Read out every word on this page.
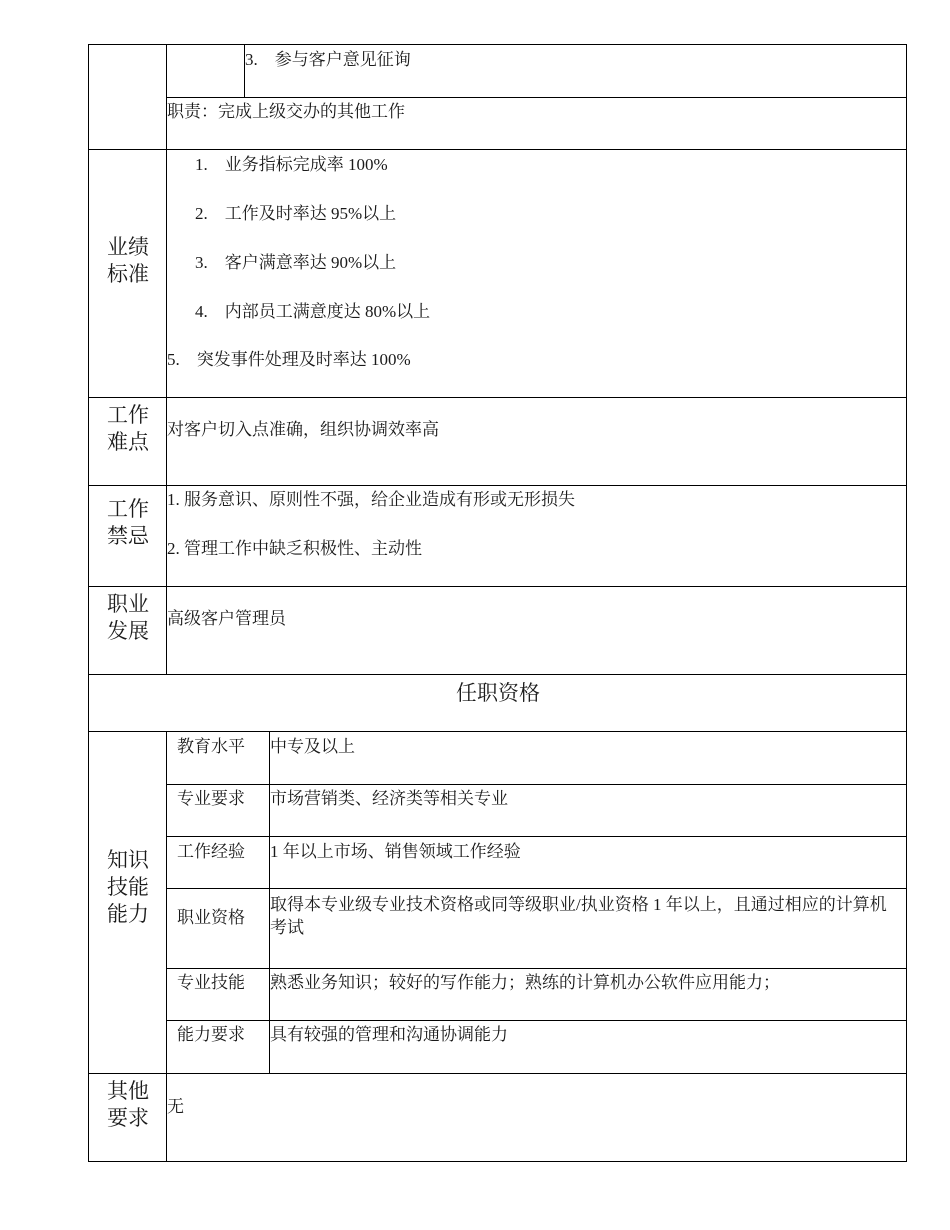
3.　参与客户意见征询
职责：完成上级交办的其他工作
业绩
标准
1.　业务指标完成率 100%
2.　工作及时率达 95%以上
3.　客户满意率达 90%以上
4.　内部员工满意度达 80%以上
5.　突发事件处理及时率达 100%
工作
难点
对客户切入点准确，组织协调效率高
工作
禁忌
1. 服务意识、原则性不强，给企业造成有形或无形损失
2. 管理工作中缺乏积极性、主动性
职业
发展
高级客户管理员
任职资格
知识
技能
能力
教育水平 中专及以上
专业要求 市场营销类、经济类等相关专业
工作经验 1 年以上市场、销售领域工作经验
职业资格
取得本专业级专业技术资格或同等级职业/执业资格 1 年以上，且通过相应的计算机考试
专业技能 熟悉业务知识；较好的写作能力；熟练的计算机办公软件应用能力；
能力要求 具有较强的管理和沟通协调能力
其他
要求	无
